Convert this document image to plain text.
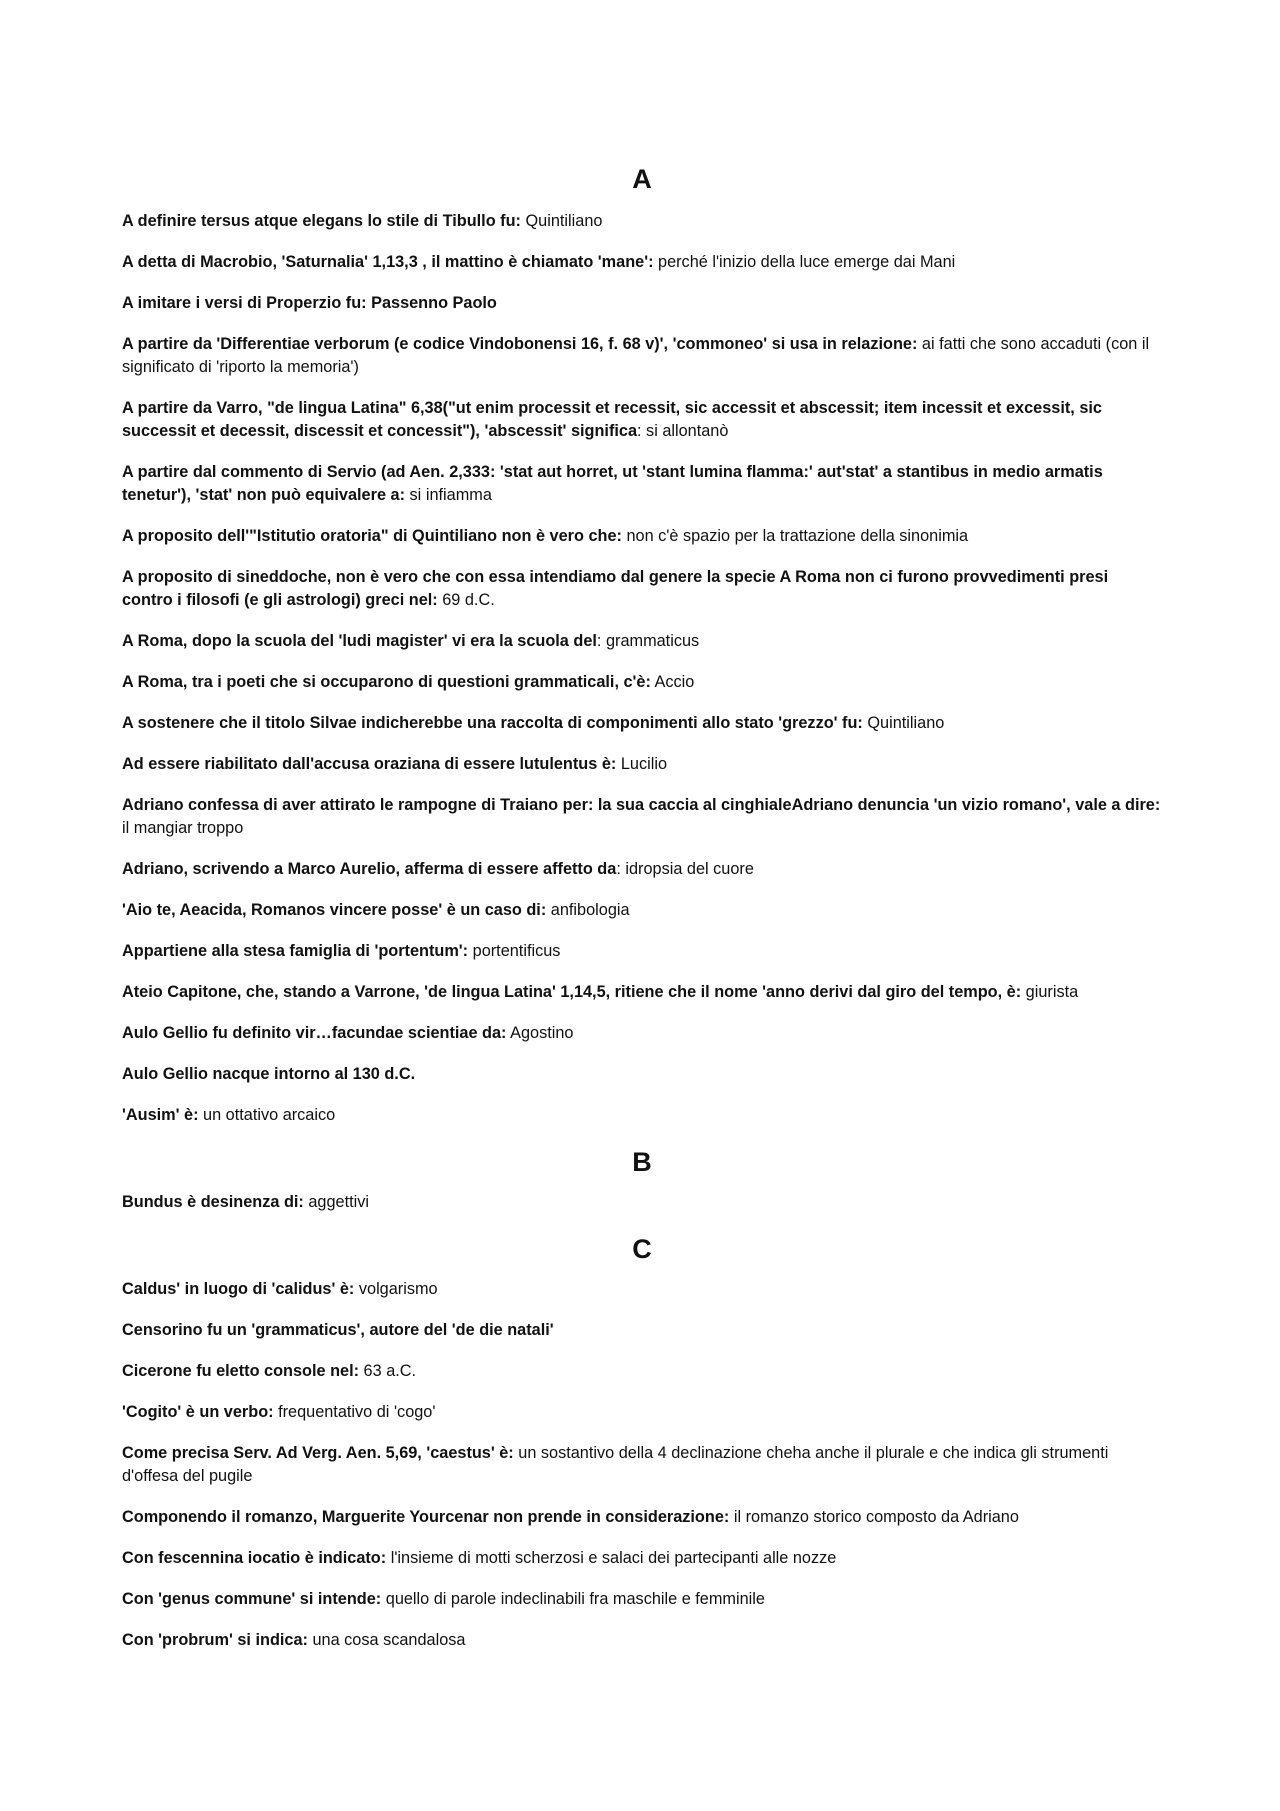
A

A definire tersus atque elegans lo stile di Tibullo fu: Quintiliano

A detta di Macrobio, 'Saturnalia' 1,13,3 , il mattino è chiamato 'mane': perché l'inizio della luce emerge dai Mani

A imitare i versi di Properzio fu: Passenno Paolo

A partire da 'Differentiae verborum (e codice Vindobonensi 16, f. 68 v)', 'commoneo' si usa in relazione: ai fatti che sono accaduti (con il significato di 'riporto la memoria')

A partire da Varro, "de lingua Latina" 6,38("ut enim processit et recessit, sic accessit et abscessit; item incessit et excessit, sic successit et decessit, discessit et concessit"), 'abscessit' significa: si allontanò

A partire dal commento di Servio (ad Aen. 2,333: 'stat aut horret, ut 'stant lumina flamma:' aut'stat' a stantibus in medio armatis tenetur'), 'stat' non può equivalere a: si infiamma

A proposito dell'"Istitutio oratoria" di Quintiliano non è vero che: non c'è spazio per la trattazione della sinonimia

A proposito di sineddoche, non è vero che con essa intendiamo dal genere la specie A Roma non ci furono provvedimenti presi contro i filosofi (e gli astrologi) greci nel: 69 d.C.

A Roma, dopo la scuola del 'ludi magister' vi era la scuola del: grammaticus

A Roma, tra i poeti che si occuparono di questioni grammaticali, c'è: Accio

A sostenere che il titolo Silvae indicherebbe una raccolta di componimenti allo stato 'grezzo' fu: Quintiliano

Ad essere riabilitato dall'accusa oraziana di essere lutulentus è: Lucilio

Adriano confessa di aver attirato le rampogne di Traiano per: la sua caccia al cinghialeAdriano denuncia 'un vizio romano', vale a dire: il mangiar troppo

Adriano, scrivendo a Marco Aurelio, afferma di essere affetto da: idropsia del cuore

'Aio te, Aeacida, Romanos vincere posse' è un caso di: anfibologia

Appartiene alla stesa famiglia di 'portentum': portentificus

Ateio Capitone, che, stando a Varrone, 'de lingua Latina' 1,14,5, ritiene che il nome 'anno derivi dal giro del tempo, è: giurista

Aulo Gellio fu definito vir…facundae scientiae da: Agostino

Aulo Gellio nacque intorno al 130 d.C.

'Ausim' è: un ottativo arcaico

B

Bundus è desinenza di: aggettivi

C

Caldus' in luogo di 'calidus' è: volgarismo

Censorino fu un 'grammaticus', autore del 'de die natali'

Cicerone fu eletto console nel: 63 a.C.

'Cogito' è un verbo: frequentativo di 'cogo'

Come precisa Serv. Ad Verg. Aen. 5,69, 'caestus' è: un sostantivo della 4 declinazione cheha anche il plurale e che indica gli strumenti d'offesa del pugile

Componendo il romanzo, Marguerite Yourcenar non prende in considerazione: il romanzo storico composto da Adriano

Con fescennina iocatio è indicato: l'insieme di motti scherzosi e salaci dei partecipanti alle nozze

Con 'genus commune' si intende: quello di parole indeclinabili fra maschile e femminile

Con 'probrum' si indica: una cosa scandalosa
